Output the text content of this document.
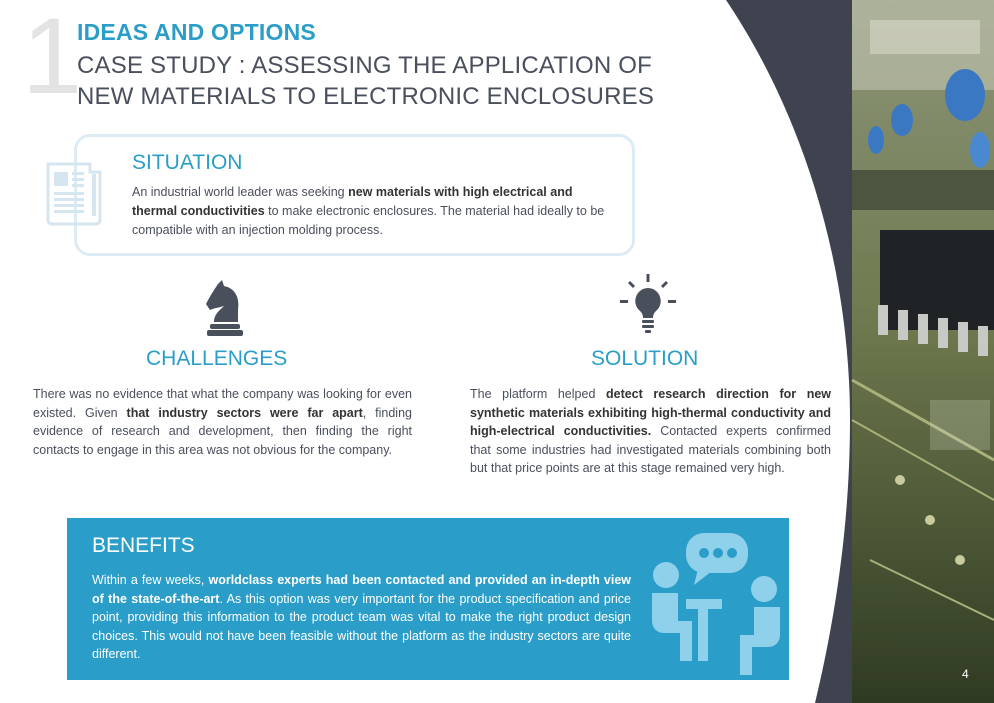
1
IDEAS AND OPTIONS
CASE STUDY : ASSESSING THE APPLICATION OF NEW MATERIALS TO ELECTRONIC ENCLOSURES
SITUATION
An industrial world leader was seeking new materials with high electrical and thermal conductivities to make electronic enclosures. The material had ideally to be compatible with an injection molding process.
CHALLENGES
There was no evidence that what the company was looking for even existed. Given that industry sectors were far apart, finding evidence of research and development, then finding the right contacts to engage in this area was not obvious for the company.
SOLUTION
The platform helped detect research direction for new synthetic materials exhibiting high-thermal conductivity and high-electrical conductivities. Contacted experts confirmed that some industries had investigated materials combining both but that price points are at this stage remained very high.
BENEFITS
Within a few weeks, worldclass experts had been contacted and provided an in-depth view of the state-of-the-art. As this option was very important for the product specification and price point, providing this information to the product team was vital to make the right product design choices. This would not have been feasible without the platform as the industry sectors are quite different.
4
